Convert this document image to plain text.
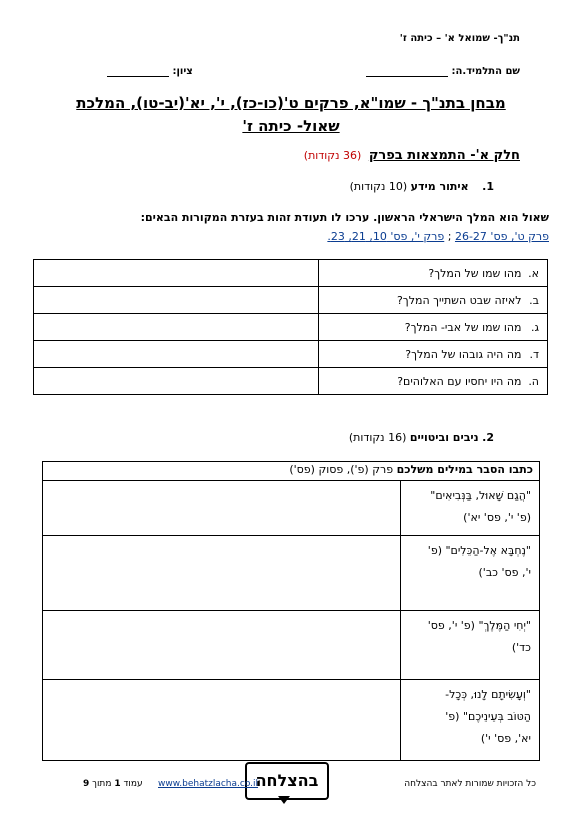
תנ"ך- שמואל א' – כיתה ז'
שם התלמיד.ה:
ציון:
מבחן בתנ"ך - שמו"א, פרקים ט'(כו-כז), י', יא'(יב-טו), המלכת
שאול- כיתה ז'
חלק א'- התמצאות בפרק (36 נקודות)
1. איתור מידע (10 נקודות)
שאול הוא המלך הישראלי הראשון. ערכו לו תעודת זהות בעזרת המקורות הבאים:
פרק ט', פס' 26-27 ; פרק י', פס' 10, 21, 23.
א. מהו שמו של המלך?	
ב. לאיזה שבט השתייך המלך?	
ג. מהו שמו של אבי- המלך?	
ד. מה היה גובהו של המלך?	
ה. מה היו יחסיו עם האלוהים?	
2. ניבים וביטויים (16 נקודות)
כתבו הסבר במילים משלכם פרק (פ'), פסוק (פס')	

"הֲגַם שָׁאוּל, בַּנְּבִיאִים"
(פ' י', פס' יא')	

"נֶחְבָּא אֶל-הַכֵּלִים" (פ'
י', פס' כב')	

"יְחִי הַמֶּלֶךְ" (פ' י', פס'
כד')	

"וְעָשִׂיתָם לָנוּ, כְּכָל-
הַטּוֹב בְּעֵינֵיכֶם" (פ'
יא', פס' י')	

כל הזכויות שמורות לאתר בהצלחה
בהצלחה
www.behatzlacha.co.il
עמוד 1 מתוך 9
